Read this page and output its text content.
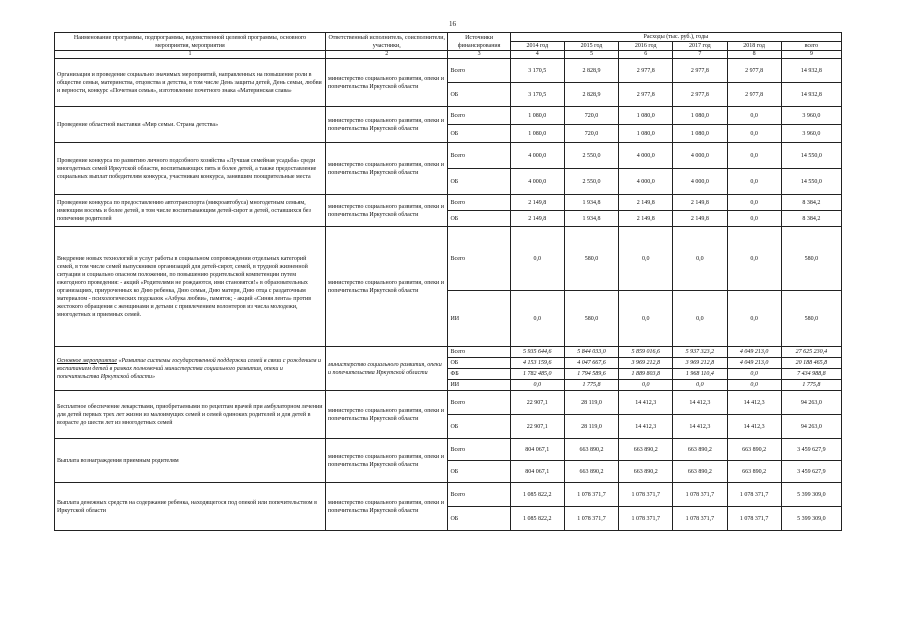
16
Наименование программы, подпрограммы, ведомственной целевой программы, основного мероприятия, мероприятия	Ответственный исполнитель, соисполнители, участники,	Источники финансирования	Расходы (тыс. руб.), годы					
			2014 год	2015 год	2016 год	2017 год	2018 год	всего
1	2	3	4	5	6	7	8	9
Организация и проведение социально значимых мероприятий, направленных на повышение роли в обществе семьи, материнства, отцовства и детства, в том числе День защиты детей, День семьи, любви и верности, конкурс «Почетная семья», изготовление почетного знака «Материнская слава»	министерство социального развития, опеки и попечительства Иркутской области	Всего	3 170,5	2 828,9	2 977,8	2 977,8	2 977,8	14 932,8
		ОБ	3 170,5	2 828,9	2 977,8	2 977,8	2 977,8	14 932,8
Проведение областной выставки «Мир семьи. Страна детства»	министерство социального развития, опеки и попечительства Иркутской области	Всего	1 080,0	720,0	1 080,0	1 080,0	0,0	3 960,0
		ОБ	1 080,0	720,0	1 080,0	1 080,0	0,0	3 960,0
Проведение конкурса по развитию личного подсобного хозяйства «Лучшая семейная усадьба» среди многодетных семей Иркутской области, воспитывающих пять и более детей, а также предоставление социальных выплат победителям конкурса, участникам конкурса, занявшим поощрительные места	министерство социального развития, опеки и попечительства Иркутской области	Всего	4 000,0	2 550,0	4 000,0	4 000,0	0,0	14 550,0
		ОБ	4 000,0	2 550,0	4 000,0	4 000,0	0,0	14 550,0
Проведение конкурса по предоставлению автотранспорта (микроавтобуса) многодетным семьям, имеющим восемь и более детей, в том числе воспитывающим детей-сирот и детей, оставшихся без попечения родителей	министерство социального развития, опеки и попечительства Иркутской области	Всего	2 149,8	1 934,8	2 149,8	2 149,8	0,0	8 384,2
		ОБ	2 149,8	1 934,8	2 149,8	2 149,8	0,0	8 384,2
Внедрение новых технологий и услуг работы в социальном сопровождении отдельных категорий семей, в том числе семей выпускников организаций для детей-сирот, семей, в трудной жизненной ситуации и социально опасном положении, по повышению родительской компетенции путем ежегодного проведения: - акций «Родителями не рождаются, ими становятся!» в образовательных организациях, приуроченных ко Дню ребенка, Дню семьи, Дню матери, Дню отца с раздаточным материалом - психологических подсказок «Азбука любви», памяток; - акций «Синяя лента» против жестокого обращения с женщинами и детьми с привлечением волонтеров из числа молодежи, многодетных и приемных семей.	министерство социального развития, опеки и попечительства Иркутской области	Всего	0,0	580,0	0,0	0,0	0,0	580,0
		ИИ	0,0	580,0	0,0	0,0	0,0	580,0
Основное мероприятие «Развитие системы государственной поддержки семей в связи с рождением и воспитанием детей в рамках полномочий министерства социального развития, опеки и попечительства Иркутской области»	министерство социального развития, опеки и попечительства Иркутской области	Всего	5 935 644,6	5 844 033,0	5 859 016,6	5 937 323,2	4 049 213,0	27 625 230,4
		ОБ	4 153 159,6	4 047 667,6	3 969 212,8	3 969 212,8	4 049 213,0	20 188 465,8
		ФБ	1 782 485,0	1 794 589,6	1 889 803,8	1 968 110,4	0,0	7 434 988,8
		ИИ	0,0	1 775,8	0,0	0,0	0,0	1 775,8
Бесплатное обеспечение лекарствами, приобретаемыми по рецептам врачей при амбулаторном лечении для детей первых трех лет жизни из малоимущих семей и семей одиноких родителей и для детей в возрасте до шести лет из многодетных семей	министерство социального развития, опеки и попечительства Иркутской области	Всего	22 907,1	28 119,0	14 412,3	14 412,3	14 412,3	94 263,0
		ОБ	22 907,1	28 119,0	14 412,3	14 412,3	14 412,3	94 263,0
Выплата вознаграждения приемным родителям	министерство социального развития, опеки и попечительства Иркутской области	Всего	804 067,1	663 890,2	663 890,2	663 890,2	663 890,2	3 459 627,9
		ОБ	804 067,1	663 890,2	663 890,2	663 890,2	663 890,2	3 459 627,9
Выплата денежных средств на содержание ребенка, находящегося под опекой или попечительством в Иркутской области	министерство социального развития, опеки и попечительства Иркутской области	Всего	1 085 822,2	1 078 371,7	1 078 371,7	1 078 371,7	1 078 371,7	5 399 309,0
		ОБ	1 085 822,2	1 078 371,7	1 078 371,7	1 078 371,7	1 078 371,7	5 399 309,0
